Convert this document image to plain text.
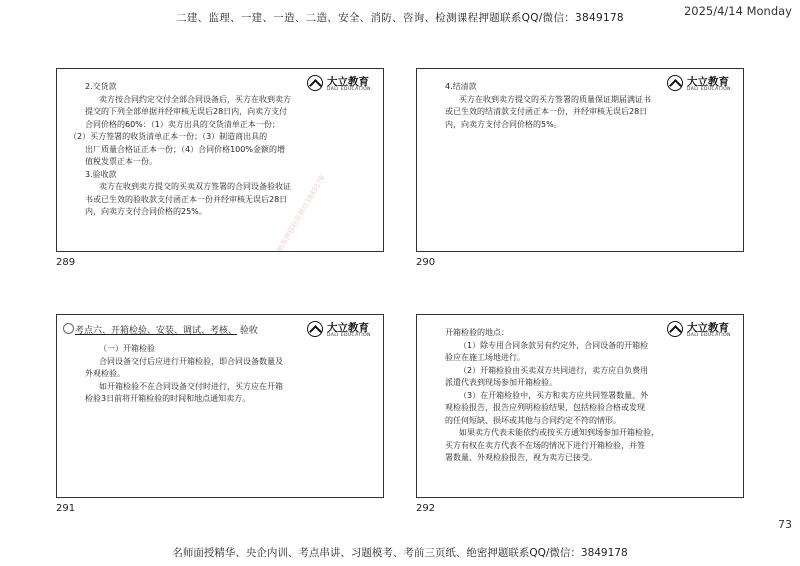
二建、监理、一建、一造、二造、安全、消防、咨询、检测课程押题联系QQ/微信：3849178	2025/4/14 Monday
大立教育
DALI EDUCATION

2.交货款

卖方按合同约定交付全部合同设备后，买方在收到卖方

提交的下列全部单据并经审核无误后28日内，向卖方支付

合同价格的60%：（1）卖方出具的交货清单正本一份；

（2）买方签署的收货清单正本一份；（3）制造商出具的

出厂质量合格证正本一份；（4）合同价格100%金额的增

值税发票正本一份。

3.验收款

卖方在收到卖方提交的买卖双方签署的合同设备验收证

书或已生效的验收款支付函正本一份并经审核无误后28日

内，向卖方支付合同价格的25%。	精准押题联系微信3849178
289
大立教育
DALI EDUCATION

4.结清款

买方在收到卖方提交的买方签署的质量保证期届满证书

或已生效的结清款支付函正本一份，并经审核无误后28日

内，向卖方支付合同价格的5%。

290
考点六、开箱检验、安装、调试、考核、 验收	大立教育
DALI EDUCATION

（一）开箱检验

合同设备交付后应进行开箱检验，即合同设备数量及

外观检验。

如开箱检验不在合同设备交付时进行，买方应在开箱

检验3日前将开箱检验的时间和地点通知卖方。

291
大立教育
DALI EDUCATION

开箱检验的地点：

（1）除专用合同条款另有约定外，合同设备的开箱检

验应在施工场地进行。

（2）开箱检验由买卖双方共同进行，卖方应自负费用

派遣代表到现场参加开箱检验。

（3）在开箱检验中，买方和卖方应共同签署数量、外

观检验报告，报告应列明检验结果，包括检验合格或发现

的任何短缺、损坏或其他与合同约定不符的情形。

如果卖方代表未能依约或按买方通知到场参加开箱检验，

买方有权在卖方代表不在场的情况下进行开箱检验，并签

署数量、外观检验报告，视为卖方已接受。

292
73
名师面授精华、央企内训、考点串讲、习题模考、考前三页纸、绝密押题联系QQ/微信：3849178
